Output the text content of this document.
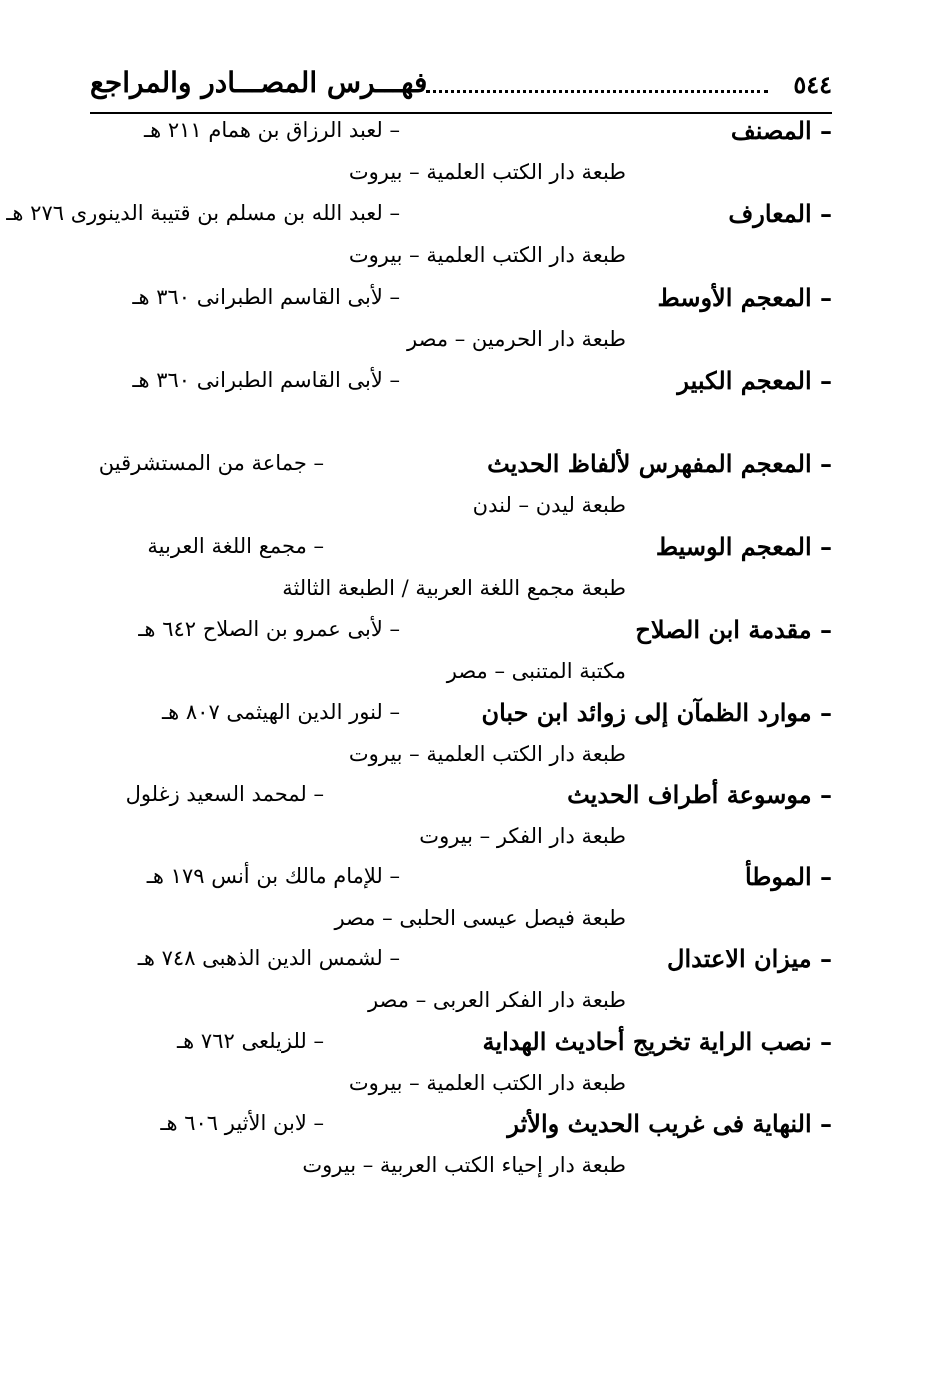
٥٤٤
فهـــرس المصـــادر والمراجع
– المصنف
– لعبد الرزاق بن همام ٢١١ هـ
طبعة دار الكتب العلمية – بيروت
– المعارف
– لعبد الله بن مسلم بن قتيبة الدينورى ٢٧٦ هـ
طبعة دار الكتب العلمية – بيروت
– المعجم الأوسط
– لأبى القاسم الطبرانى ٣٦٠ هـ
طبعة دار الحرمين – مصر
– المعجم الكبير
– لأبى القاسم الطبرانى ٣٦٠ هـ
– المعجم المفهرس لألفاظ الحديث
– جماعة من المستشرقين
طبعة ليدن – لندن
– المعجم الوسيط
– مجمع اللغة العربية
طبعة مجمع اللغة العربية / الطبعة الثالثة
– مقدمة ابن الصلاح
– لأبى عمرو بن الصلاح ٦٤٢ هـ
مكتبة المتنبى – مصر
– موارد الظمآن إلى زوائد ابن حبان
– لنور الدين الهيثمى ٨٠٧ هـ
طبعة دار الكتب العلمية – بيروت
– موسوعة أطراف الحديث
– لمحمد السعيد زغلول
طبعة دار الفكر – بيروت
– الموطأ
– للإمام مالك بن أنس ١٧٩ هـ
طبعة فيصل عيسى الحلبى – مصر
– ميزان الاعتدال
– لشمس الدين الذهبى ٧٤٨ هـ
طبعة دار الفكر العربى – مصر
– نصب الراية تخريج أحاديث الهداية
– للزيلعى ٧٦٢ هـ
طبعة دار الكتب العلمية – بيروت
– النهاية فى غريب الحديث والأثر
– لابن الأثير ٦٠٦ هـ
طبعة دار إحياء الكتب العربية – بيروت
